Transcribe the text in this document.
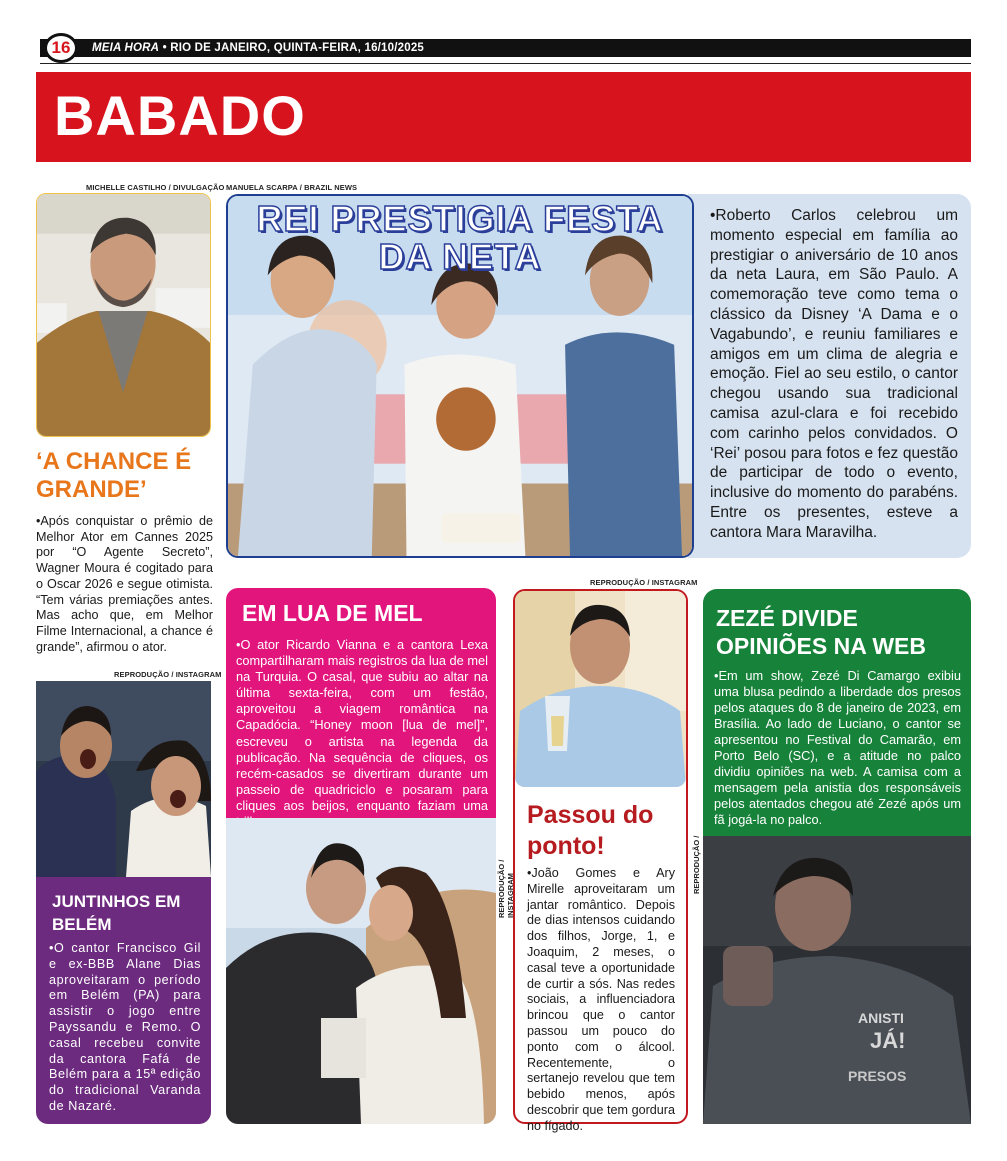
16	MEIA HORA • RIO DE JANEIRO, QUINTA-FEIRA, 16/10/2025
BABADO
MICHELLE CASTILHO / DIVULGAÇÃO
‘A CHANCE É GRANDE’
•Após conquistar o prêmio de Melhor Ator em Cannes 2025 por “O Agente Secreto”, Wagner Moura é cogitado para o Oscar 2026 e segue otimista. “Tem várias premiações antes. Mas acho que, em Melhor Filme Internacional, a chance é grande”, afirmou o ator.
MANUELA SCARPA / BRAZIL NEWS
REI PRESTIGIA FESTA DA NETA
•Roberto Carlos celebrou um momento especial em família ao prestigiar o aniversário de 10 anos da neta Laura, em São Paulo. A comemoração teve como tema o clássico da Disney ‘A Dama e o Vagabundo’, e reuniu familiares e amigos em um clima de alegria e emoção. Fiel ao seu estilo, o cantor chegou usando sua tradicional camisa azul-clara e foi recebido com carinho pelos convidados. O ‘Rei’ posou para fotos e fez questão de participar de todo o evento, inclusive do momento do parabéns. Entre os presentes, esteve a cantora Mara Maravilha.
EM LUA DE MEL
•O ator Ricardo Vianna e a cantora Lexa compartilharam mais registros da lua de mel na Turquia. O casal, que subiu ao altar na última sexta-feira, com um festão, aproveitou a viagem romântica na Capadócia. “Honey moon [lua de mel]”, escreveu o artista na legenda da publicação. Na sequência de cliques, os recém-casados se divertiram durante um passeio de quadriciclo e posaram para cliques aos beijos, enquanto faziam uma
REPRODUÇÃO / INSTAGRAM
REPRODUÇÃO / INSTAGRAM
Passou do ponto!
•João Gomes e Ary Mirelle aproveitaram um jantar romântico. Depois de dias intensos cuidando dos filhos, Jorge, 1, e Joaquim, 2 meses, o casal teve a oportunidade de curtir a sós. Nas redes sociais, a influenciadora brincou que o cantor passou um pouco do ponto com o álcool. Recentemente, o sertanejo revelou que tem bebido menos, após descobrir que tem gordura no fígado.
ZEZÉ DIVIDE OPINIÕES NA WEB
•Em um show, Zezé Di Camargo exibiu uma blusa pedindo a liberdade dos presos pelos ataques do 8 de janeiro de 2023, em Brasília. Ao lado de Luciano, o cantor se apresentou no Festival do Camarão, em Porto Belo (SC), e a atitude no palco dividiu opiniões na web. A camisa com a mensagem pela anistia dos responsáveis pelos atentados chegou até Zezé após um fã jogá-la no palco.
REPRODUÇÃO /
ANISTI
JÁ!
PRESOS
REPRODUÇÃO / INSTAGRAM
JUNTINHOS EM BELÉM
•O cantor Francisco Gil e ex-BBB Alane Dias aproveitaram o período em Belém (PA) para assistir o jogo entre Payssandu e Remo. O casal recebeu convite da cantora Fafá de Belém para a 15ª edição do tradicional Varanda de Nazaré.
